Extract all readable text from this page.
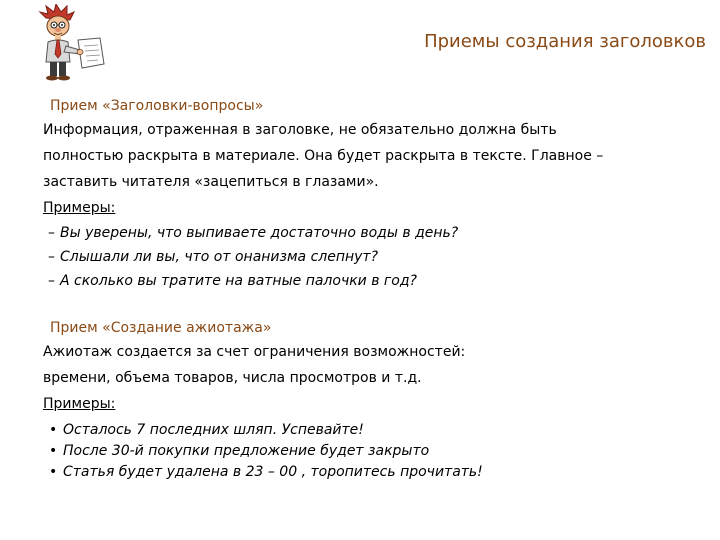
Приемы создания заголовков
Прием «Заголовки-вопросы»
Информация, отраженная в заголовке, не обязательно должна быть
полностью раскрыта в материале. Она будет раскрыта в тексте. Главное –
заставить читателя «зацепиться в глазами».
Примеры:
– Вы уверены, что выпиваете достаточно воды в день?
– Слышали ли вы, что от онанизма слепнут?
– А сколько вы тратите на ватные палочки в год?
Прием «Создание ажиотажа»
Ажиотаж создается за счет ограничения возможностей:
времени, объема товаров, числа просмотров и т.д.
Примеры:
• Осталось 7 последних шляп. Успевайте!
• После 30-й покупки предложение будет закрыто
• Статья будет удалена в 23 – 00 , торопитесь прочитать!
